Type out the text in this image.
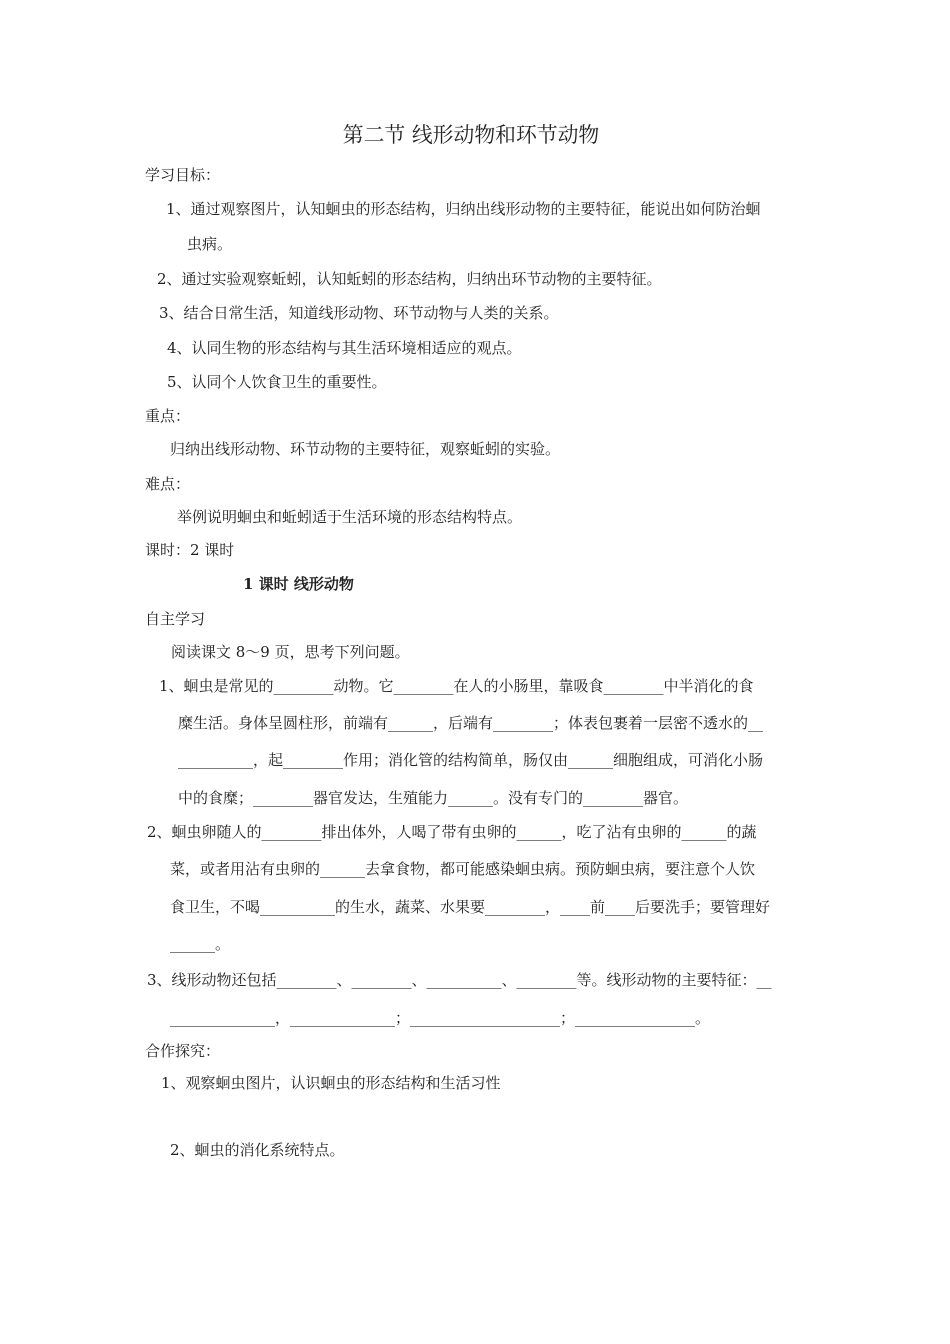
第二节 线形动物和环节动物
学习目标：
1、通过观察图片，认知蛔虫的形态结构，归纳出线形动物的主要特征，能说出如何防治蛔
虫病。
2、通过实验观察蚯蚓，认知蚯蚓的形态结构，归纳出环节动物的主要特征。
3、结合日常生活，知道线形动物、环节动物与人类的关系。
4、认同生物的形态结构与其生活环境相适应的观点。
5、认同个人饮食卫生的重要性。
重点：
归纳出线形动物、环节动物的主要特征，观察蚯蚓的实验。
难点：
举例说明蛔虫和蚯蚓适于生活环境的形态结构特点。
课时：2 课时
1 课时 线形动物
自主学习
阅读课文 8～9 页，思考下列问题。
1、蛔虫是常见的________动物。它________在人的小肠里，靠吸食________中半消化的食
糜生活。身体呈圆柱形，前端有______，后端有________；体表包裹着一层密不透水的__
__________，起________作用；消化管的结构简单，肠仅由______细胞组成，可消化小肠
中的食糜；________器官发达，生殖能力______。没有专门的________器官。
2、蛔虫卵随人的________排出体外，人喝了带有虫卵的______，吃了沾有虫卵的______的蔬
菜，或者用沾有虫卵的______去拿食物，都可能感染蛔虫病。预防蛔虫病，要注意个人饮
食卫生，不喝__________的生水，蔬菜、水果要________，____前____后要洗手；要管理好
______。
3、线形动物还包括________、________、__________、________等。线形动物的主要特征：__
______________，______________；____________________；________________。
合作探究：
1、观察蛔虫图片，认识蛔虫的形态结构和生活习性
2、蛔虫的消化系统特点。
